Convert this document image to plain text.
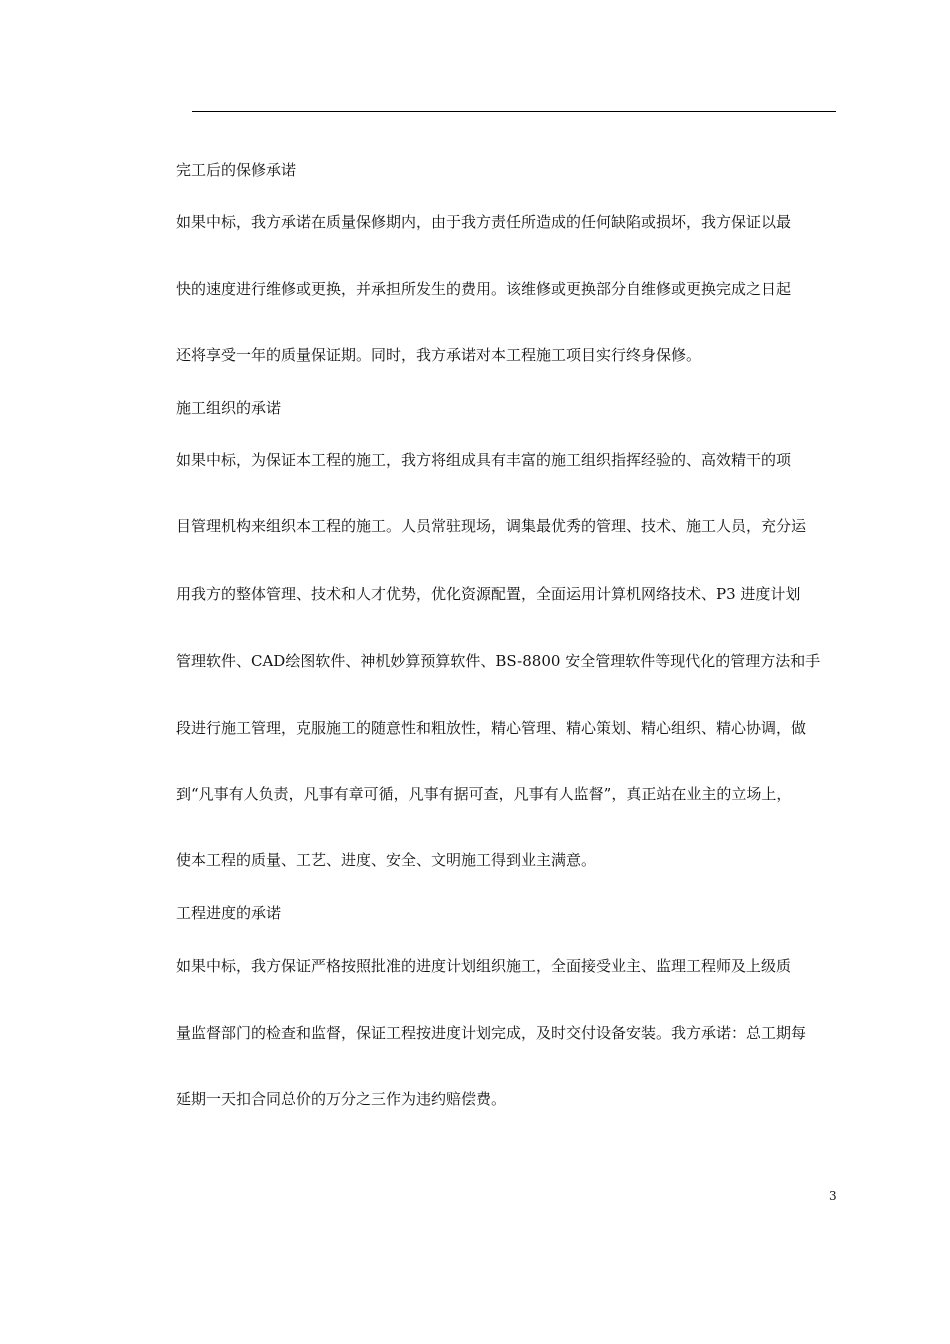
完工后的保修承诺

如果中标，我方承诺在质量保修期内，由于我方责任所造成的任何缺陷或损坏，我方保证以最

快的速度进行维修或更换，并承担所发生的费用。该维修或更换部分自维修或更换完成之日起

还将享受一年的质量保证期。同时，我方承诺对本工程施工项目实行终身保修。

施工组织的承诺

如果中标，为保证本工程的施工，我方将组成具有丰富的施工组织指挥经验的、高效精干的项

目管理机构来组织本工程的施工。人员常驻现场，调集最优秀的管理、技术、施工人员，充分运

用我方的整体管理、技术和人才优势，优化资源配置，全面运用计算机网络技术、P3 进度计划

管理软件、CAD绘图软件、神机妙算预算软件、BS-8800 安全管理软件等现代化的管理方法和手

段进行施工管理，克服施工的随意性和粗放性，精心管理、精心策划、精心组织、精心协调，做

到“凡事有人负责，凡事有章可循，凡事有据可查，凡事有人监督”，真正站在业主的立场上，

使本工程的质量、工艺、进度、安全、文明施工得到业主满意。

工程进度的承诺

如果中标，我方保证严格按照批准的进度计划组织施工，全面接受业主、监理工程师及上级质

量监督部门的检查和监督，保证工程按进度计划完成，及时交付设备安装。我方承诺：总工期每

延期一天扣合同总价的万分之三作为违约赔偿费。

3
